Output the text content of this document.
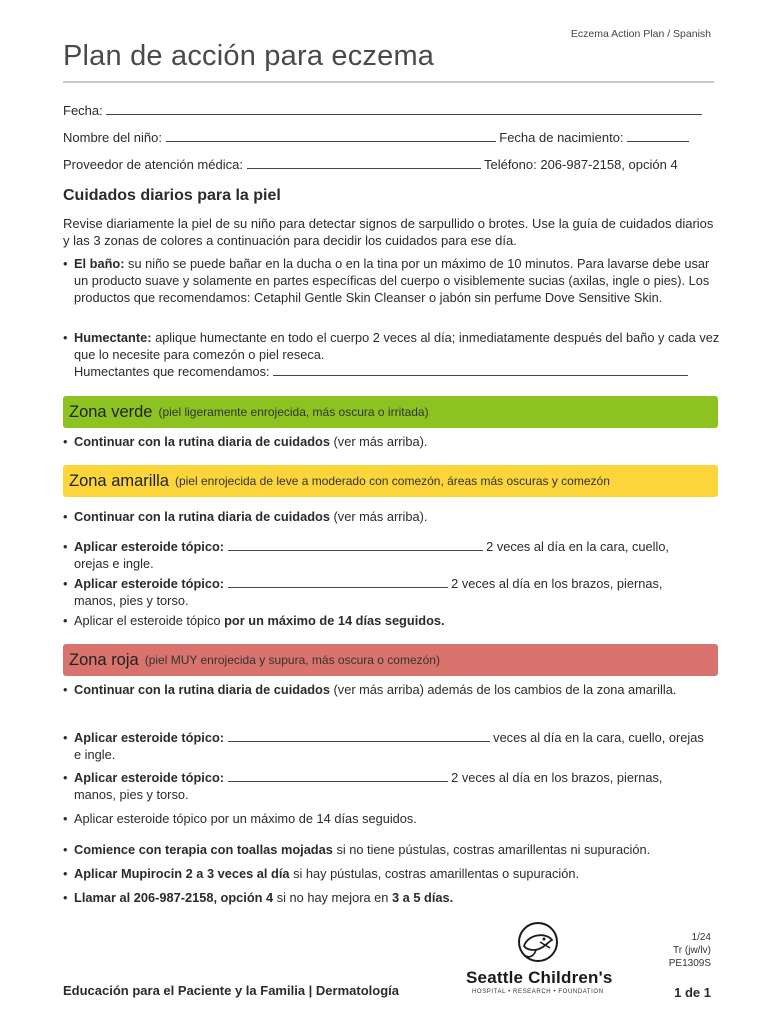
Eczema Action Plan / Spanish
Plan de acción para eczema
Fecha:
Nombre del niño:	Fecha de nacimiento:
Proveedor de atención médica:	Teléfono: 206-987-2158, opción 4
Cuidados diarios para la piel

Revise diariamente la piel de su niño para detectar signos de sarpullido o brotes. Use la guía de cuidados diarios y las 3 zonas de colores a continuación para decidir los cuidados para ese día.

• El baño: su niño se puede bañar en la ducha o en la tina por un máximo de 10 minutos. Para lavarse debe usar un producto suave y solamente en partes específicas del cuerpo o visiblemente sucias (axilas, ingle o pies). Los productos que recomendamos: Cetaphil Gentle Skin Cleanser o jabón sin perfume Dove Sensitive Skin.
• Humectante: aplique humectante en todo el cuerpo 2 veces al día; inmediatamente después del baño y cada vez que lo necesite para comezón o piel reseca.
Humectantes que recomendamos:
Zona verde (piel ligeramente enrojecida, más oscura o irritada)
• Continuar con la rutina diaria de cuidados (ver más arriba).
Zona amarilla (piel enrojecida de leve a moderado con comezón, áreas más oscuras y comezón
• Continuar con la rutina diaria de cuidados (ver más arriba).
• Aplicar esteroide tópico:	2 veces al día en la cara, cuello, orejas e ingle.
• Aplicar esteroide tópico:	2 veces al día en los brazos, piernas, manos, pies y torso.
• Aplicar el esteroide tópico por un máximo de 14 días seguidos.
Zona roja (piel MUY enrojecida y supura, más oscura o comezón)
• Continuar con la rutina diaria de cuidados (ver más arriba) además de los cambios de la zona amarilla.
• Aplicar esteroide tópico:	veces al día en la cara, cuello, orejas e ingle.
• Aplicar esteroide tópico:	2 veces al día en los brazos, piernas, manos, pies y torso.
• Aplicar esteroide tópico por un máximo de 14 días seguidos.
• Comience con terapia con toallas mojadas si no tiene pústulas, costras amarillentas ni supuración.
• Aplicar Mupirocin 2 a 3 veces al día si hay pústulas, costras amarillentas o supuración.
• Llamar al 206-987-2158, opción 4 si no hay mejora en 3 a 5 días.
1/24
Tr (jw/lv)
PE1309S
Seattle Children's
HOSPITAL • RESEARCH • FOUNDATION
Educación para el Paciente y la Familia | Dermatología	1 de 1
